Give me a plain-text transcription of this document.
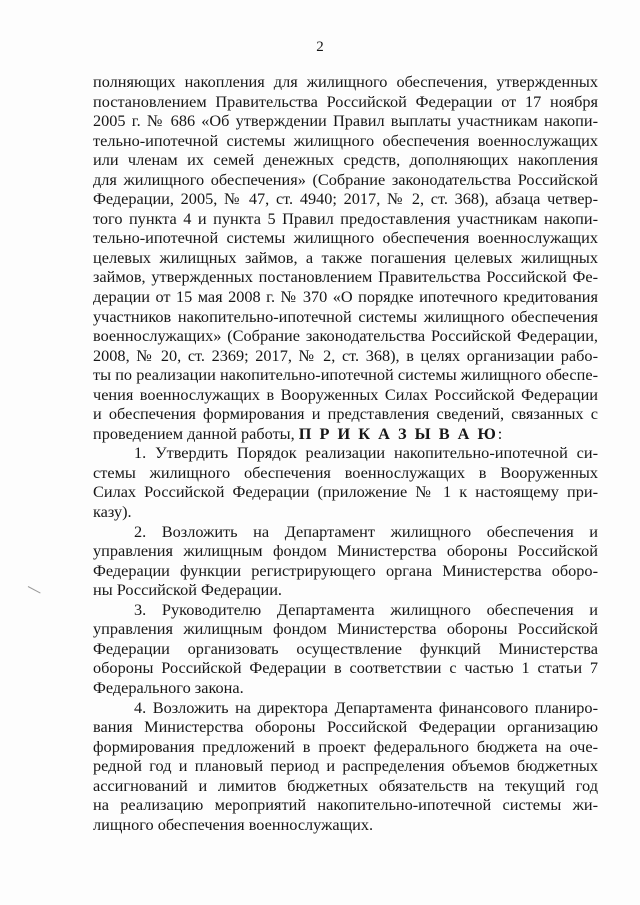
2
полняющих накопления для жилищного обеспечения, утвержденных
постановлением Правительства Российской Федерации от 17 ноября
2005 г. № 686 «Об утверждении Правил выплаты участникам накопи-
тельно-ипотечной системы жилищного обеспечения военнослужащих
или членам их семей денежных средств, дополняющих накопления
для жилищного обеспечения» (Собрание законодательства Российской
Федерации, 2005, № 47, ст. 4940; 2017, № 2, ст. 368), абзаца четвер-
того пункта 4 и пункта 5 Правил предоставления участникам накопи-
тельно-ипотечной системы жилищного обеспечения военнослужащих
целевых жилищных займов, а также погашения целевых жилищных
займов, утвержденных постановлением Правительства Российской Фе-
дерации от 15 мая 2008 г. № 370 «О порядке ипотечного кредитования
участников накопительно-ипотечной системы жилищного обеспечения
военнослужащих» (Собрание законодательства Российской Федерации,
2008, № 20, ст. 2369; 2017, № 2, ст. 368), в целях организации рабо-
ты по реализации накопительно-ипотечной системы жилищного обеспе-
чения военнослужащих в Вооруженных Силах Российской Федерации
и обеспечения формирования и представления сведений, связанных с
проведением данной работы, П Р И К А З Ы В А Ю:
1. Утвердить Порядок реализации накопительно-ипотечной си-
стемы жилищного обеспечения военнослужащих в Вооруженных
Силах Российской Федерации (приложение № 1 к настоящему при-
казу).
2. Возложить на Департамент жилищного обеспечения и
управления жилищным фондом Министерства обороны Российской
Федерации функции регистрирующего органа Министерства оборо-
ны Российской Федерации.
3. Руководителю Департамента жилищного обеспечения и
управления жилищным фондом Министерства обороны Российской
Федерации организовать осуществление функций Министерства
обороны Российской Федерации в соответствии с частью 1 статьи 7
Федерального закона.
4. Возложить на директора Департамента финансового планиро-
вания Министерства обороны Российской Федерации организацию
формирования предложений в проект федерального бюджета на оче-
редной год и плановый период и распределения объемов бюджетных
ассигнований и лимитов бюджетных обязательств на текущий год
на реализацию мероприятий накопительно-ипотечной системы жи-
лищного обеспечения военнослужащих.
